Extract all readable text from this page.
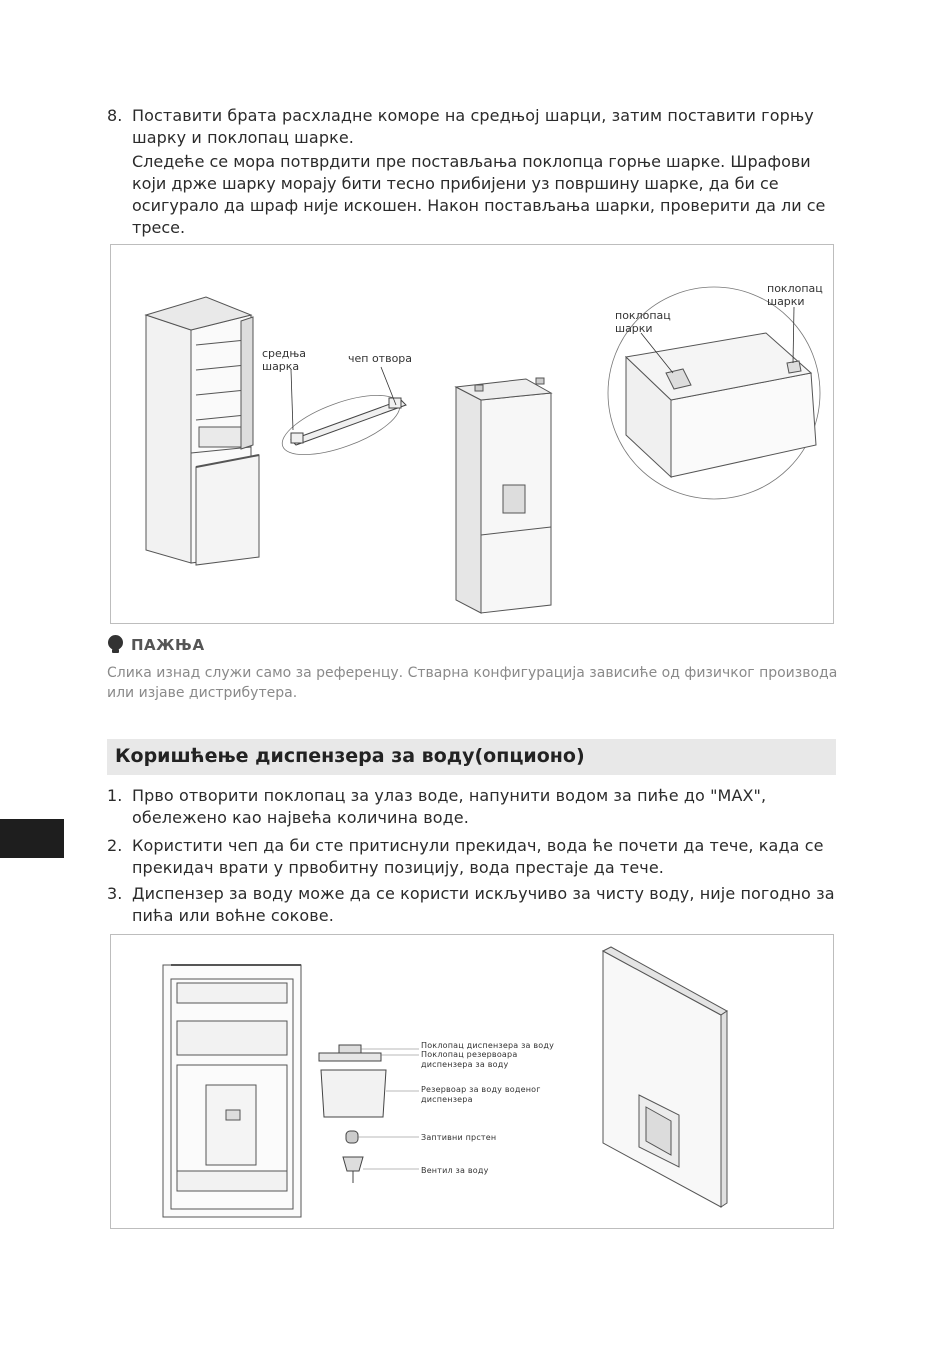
8. Поставити брата расхладне коморе на средњој шарци, затим поставити горњу шарку и поклопац шарке.
Следеће се мора потврдити пре постављања поклопца горње шарке. Шрафови који држе шарку морају бити тесно прибијени уз површину шарке, да би се осигурало да шраф није искошен. Након постављања шарки, проверити да ли се тресе.
средња шарка
чеп отвора
поклопац шарки
поклопац шарки
ПАЖЊА
Слика изнад служи само за референцу. Стварна конфигурација зависиће од физичког производа или изјаве дистрибутера.
Коришћење диспензера за воду(опционо)
1. Прво отворити поклопац за улаз воде, напунити водом за пиће до "MAX", обележено као највећа количина воде.
2. Користити чеп да би сте притиснули прекидач, вода ће почети да тече, када се прекидач врати у првобитну позицију, вода престаје да тече.
3. Диспензер за воду може да се користи искључиво за чисту воду, није погодно за пића или воћне сокове.
Поклопац диспензера за воду
Поклопац резервоара диспензера за воду
Резервоар за воду воденог диспензера
Заптивни прстен
Вентил за воду
